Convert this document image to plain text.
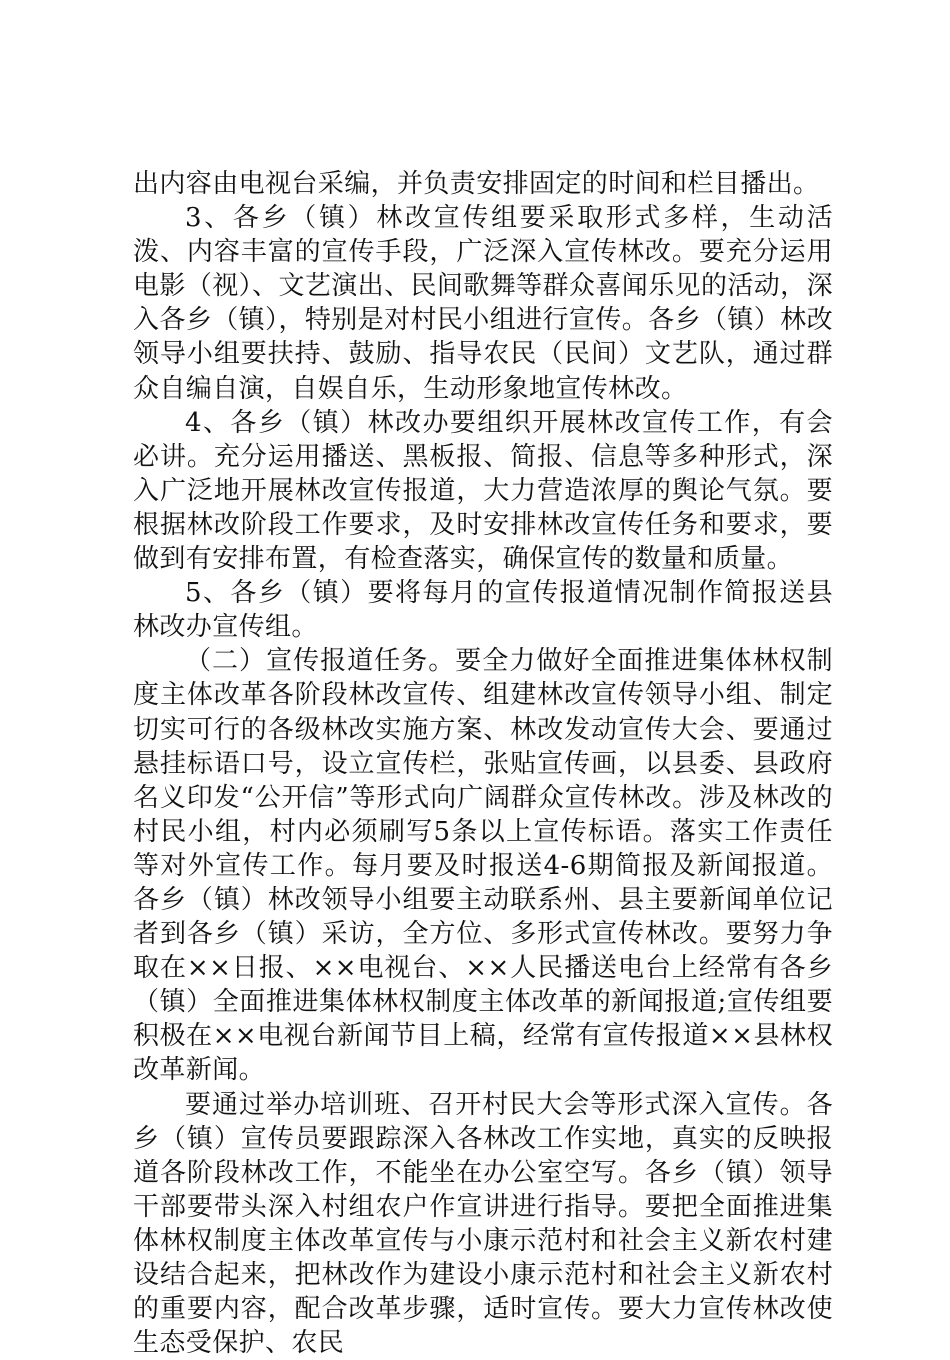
出内容由电视台采编，并负责安排固定的时间和栏目播出。

3、各乡（镇）林改宣传组要采取形式多样，生动活泼、内容丰富的宣传手段，广泛深入宣传林改。要充分运用电影（视）、文艺演出、民间歌舞等群众喜闻乐见的活动，深入各乡（镇），特别是对村民小组进行宣传。各乡（镇）林改领导小组要扶持、鼓励、指导农民（民间）文艺队，通过群众自编自演，自娱自乐，生动形象地宣传林改。

4、各乡（镇）林改办要组织开展林改宣传工作，有会必讲。充分运用播送、黑板报、简报、信息等多种形式，深入广泛地开展林改宣传报道，大力营造浓厚的舆论气氛。要根据林改阶段工作要求，及时安排林改宣传任务和要求，要做到有安排布置，有检查落实，确保宣传的数量和质量。

5、各乡（镇）要将每月的宣传报道情况制作简报送县林改办宣传组。

（二）宣传报道任务。要全力做好全面推进集体林权制度主体改革各阶段林改宣传、组建林改宣传领导小组、制定切实可行的各级林改实施方案、林改发动宣传大会、要通过悬挂标语口号，设立宣传栏，张贴宣传画，以县委、县政府名义印发“公开信”等形式向广阔群众宣传林改。涉及林改的村民小组，村内必须刷写5条以上宣传标语。落实工作责任等对外宣传工作。每月要及时报送4-6期简报及新闻报道。各乡（镇）林改领导小组要主动联系州、县主要新闻单位记者到各乡（镇）采访，全方位、多形式宣传林改。要努力争取在××日报、××电视台、××人民播送电台上经常有各乡（镇）全面推进集体林权制度主体改革的新闻报道;宣传组要积极在××电视台新闻节目上稿，经常有宣传报道××县林权改革新闻。

要通过举办培训班、召开村民大会等形式深入宣传。各乡（镇）宣传员要跟踪深入各林改工作实地，真实的反映报道各阶段林改工作，不能坐在办公室空写。各乡（镇）领导干部要带头深入村组农户作宣讲进行指导。要把全面推进集体林权制度主体改革宣传与小康示范村和社会主义新农村建设结合起来，把林改作为建设小康示范村和社会主义新农村的重要内容，配合改革步骤，适时宣传。要大力宣传林改使生态受保护、农民
